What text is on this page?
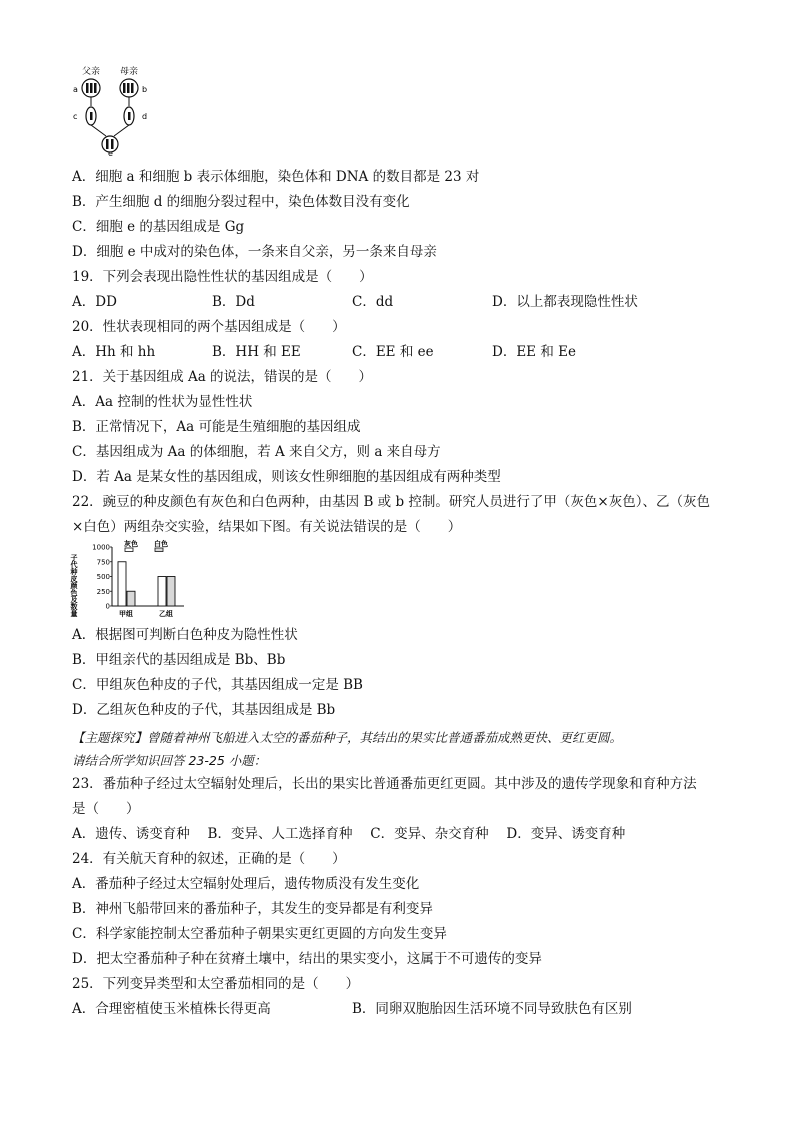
父亲 母亲
a	b
c	d
e
A．细胞 a 和细胞 b 表示体细胞，染色体和 DNA 的数目都是 23 对
B．产生细胞 d 的细胞分裂过程中，染色体数目没有变化
C．细胞 e 的基因组成是 Gg
D．细胞 e 中成对的染色体，一条来自父亲，另一条来自母亲
19．下列会表现出隐性性状的基因组成是（　　）
A．DD	B．Dd	C．dd	D．以上都表现隐性性状
20．性状表现相同的两个基因组成是（　　）
A．Hh 和 hh	B．HH 和 EE	C．EE 和 ee	D．EE 和 Ee
21．关于基因组成 Aa 的说法，错误的是（　　）
A．Aa 控制的性状为显性性状
B．正常情况下，Aa 可能是生殖细胞的基因组成
C．基因组成为 Aa 的体细胞，若 A 来自父方，则 a 来自母方
D．若 Aa 是某女性的基因组成，则该女性卵细胞的基因组成有两种类型
22．豌豆的种皮颜色有灰色和白色两种，由基因 B 或 b 控制。研究人员进行了甲（灰色×灰色）、乙（灰色
×白色）两组杂交实验，结果如下图。有关说法错误的是（　　）
子代种皮颜色及数量
1000
750
500
250
0
灰色 白色
甲组	乙组
A．根据图可判断白色种皮为隐性性状
B．甲组亲代的基因组成是 Bb、Bb
C．甲组灰色种皮的子代，其基因组成一定是 BB
D．乙组灰色种皮的子代，其基因组成是 Bb
【主题探究】曾随着神州飞船进入太空的番茄种子，其结出的果实比普通番茄成熟更快、更红更圆。
请结合所学知识回答 23-25 小题：
23．番茄种子经过太空辐射处理后，长出的果实比普通番茄更红更圆。其中涉及的遗传学现象和育种方法
是（　　）
A．遗传、诱变育种　 B．变异、人工选择育种　 C．变异、杂交育种　 D．变异、诱变育种
24．有关航天育种的叙述，正确的是（　　）
A．番茄种子经过太空辐射处理后，遗传物质没有发生变化
B．神州飞船带回来的番茄种子，其发生的变异都是有利变异
C．科学家能控制太空番茄种子朝果实更红更圆的方向发生变异
D．把太空番茄种子种在贫瘠土壤中，结出的果实变小，这属于不可遗传的变异
25．下列变异类型和太空番茄相同的是（　　）
A．合理密植使玉米植株长得更高	B．同卵双胞胎因生活环境不同导致肤色有区别
